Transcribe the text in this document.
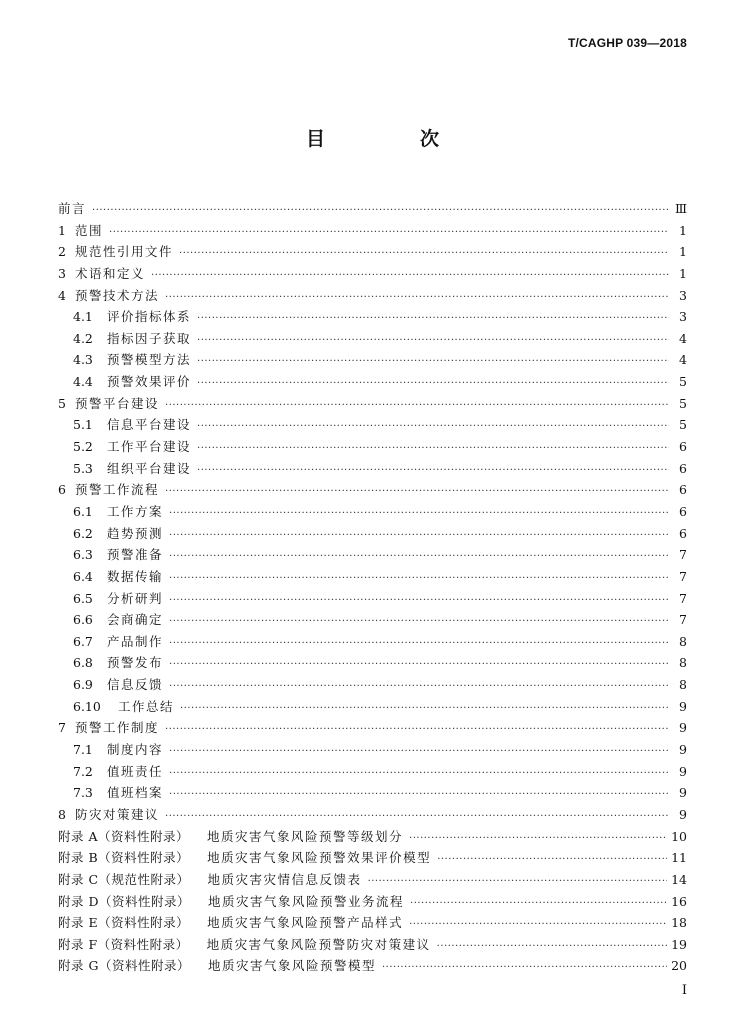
T/CAGHP 039—2018
目　次
前言 ·····	Ⅲ
1 范围 ·····	1
2 规范性引用文件 ·····	1
3 术语和定义 ·····	1
4 预警技术方法 ·····	3
4.1	评价指标体系 ·····	3
4.2	指标因子获取 ·····	4
4.3	预警模型方法 ·····	4
4.4	预警效果评价 ·····	5
5 预警平台建设 ·····	5
5.1	信息平台建设 ·····	5
5.2	工作平台建设 ·····	6
5.3	组织平台建设 ·····	6
6 预警工作流程 ·····	6
6.1	工作方案 ·····	6
6.2	趋势预测 ·····	6
6.3	预警准备 ·····	7
6.4	数据传输 ·····	7
6.5	分析研判 ·····	7
6.6	会商确定 ·····	7
6.7	产品制作 ·····	8
6.8	预警发布 ·····	8
6.9	信息反馈 ·····	8
6.10	工作总结 ·····	9
7 预警工作制度 ·····	9
7.1	制度内容 ·····	9
7.2	值班责任 ·····	9
7.3	值班档案 ·····	9
8 防灾对策建议 ·····	9
附录 A（资料性附录） 地质灾害气象风险预警等级划分 ·····	10
附录 B（资料性附录） 地质灾害气象风险预警效果评价模型 ·····	11
附录 C（规范性附录） 地质灾害灾情信息反馈表 ·····	14
附录 D（资料性附录） 地质灾害气象风险预警业务流程 ·····	16
附录 E（资料性附录） 地质灾害气象风险预警产品样式 ·····	18
附录 F（资料性附录） 地质灾害气象风险预警防灾对策建议 ·····	19
附录 G（资料性附录） 地质灾害气象风险预警模型 ·····	20
I
